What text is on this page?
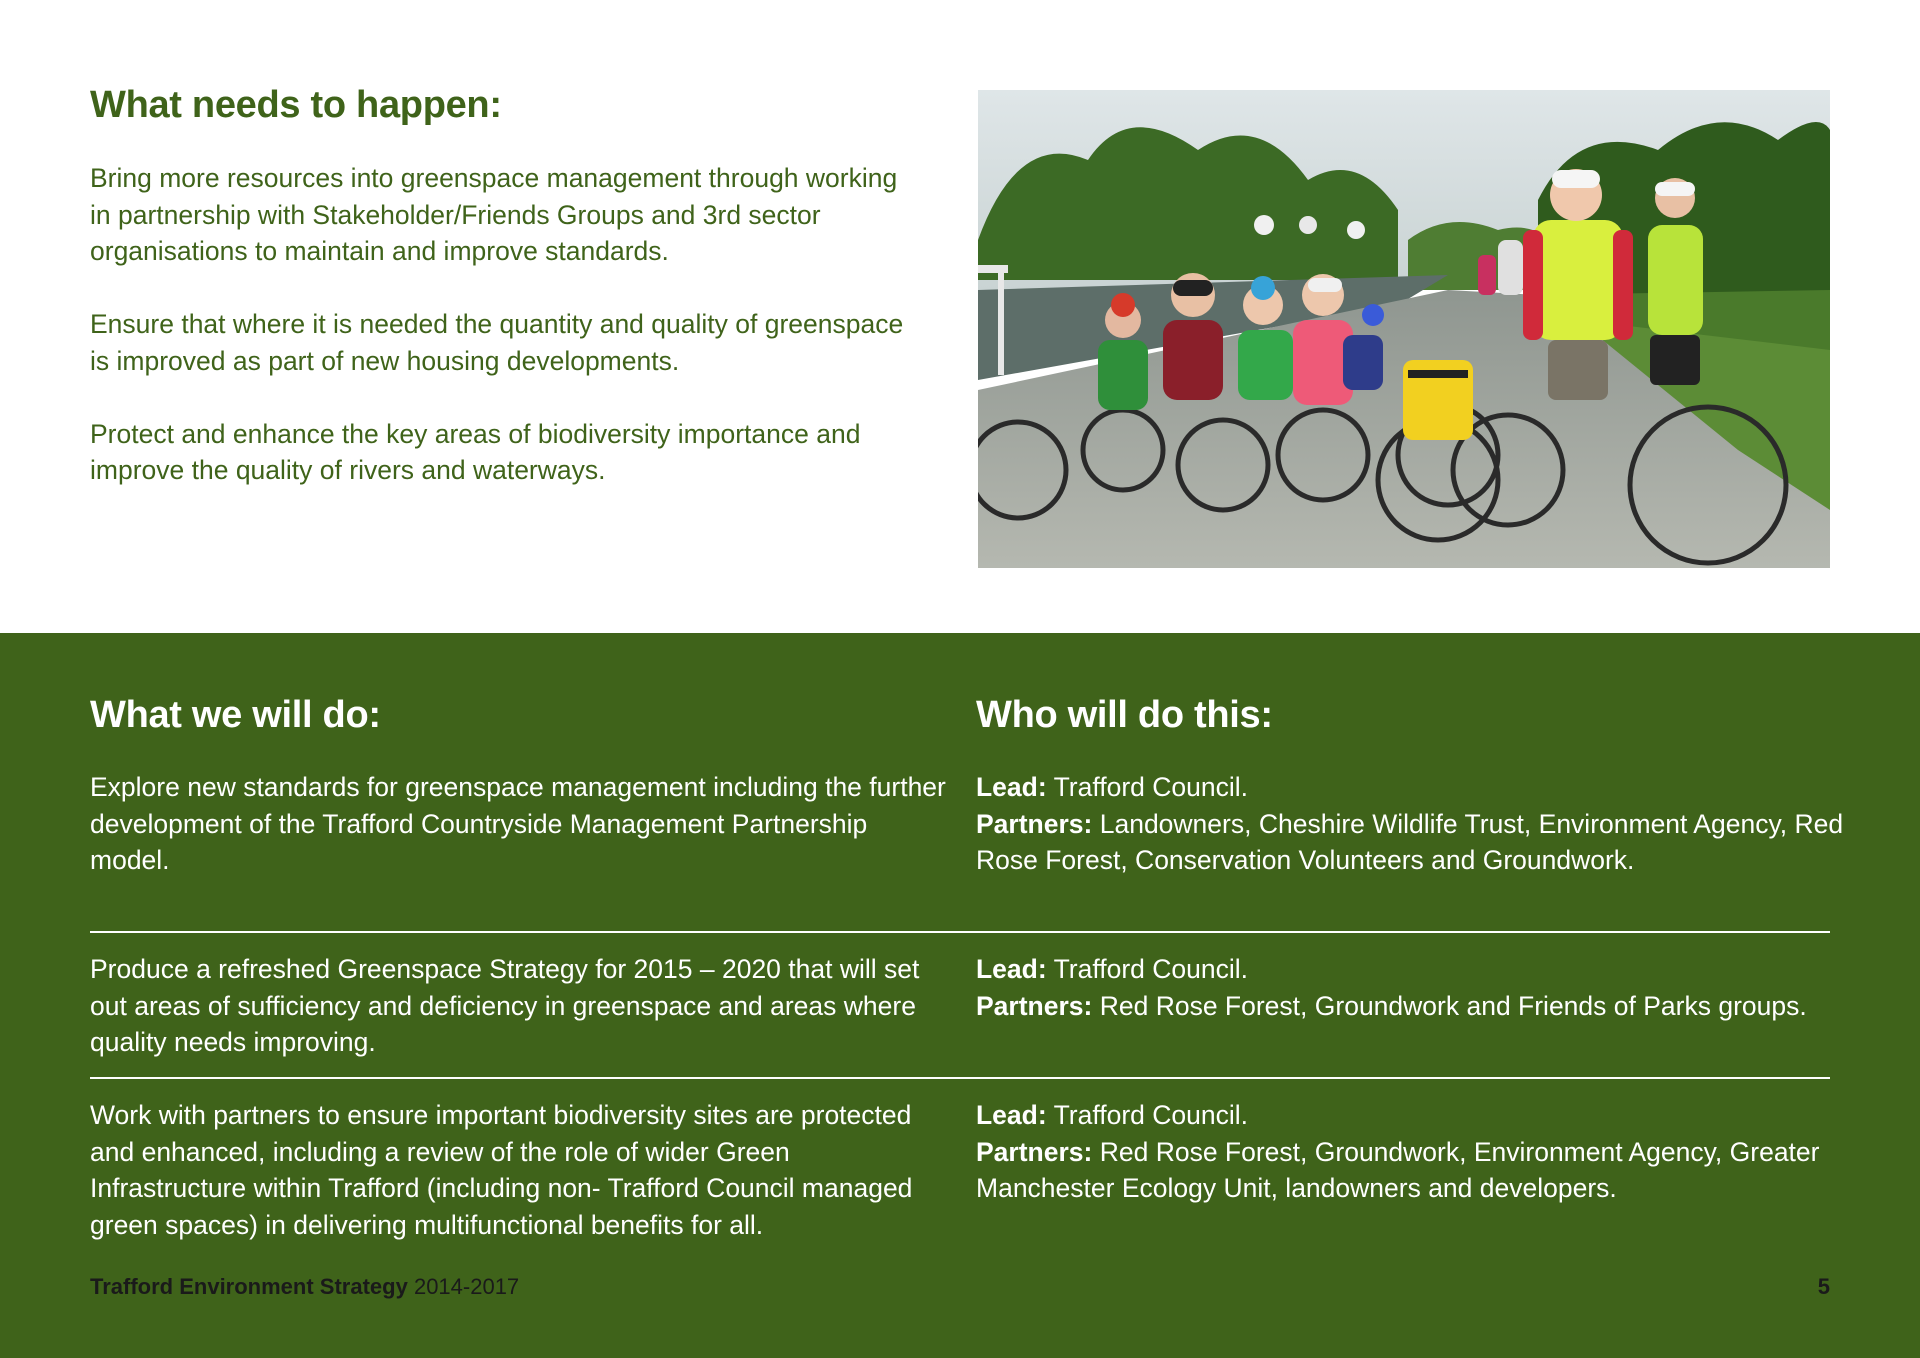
What needs to happen:

Bring more resources into greenspace management through working in partnership with Stakeholder/Friends Groups and 3rd sector organisations to maintain and improve standards.

Ensure that where it is needed the quantity and quality of greenspace is improved as part of new housing developments.

Protect and enhance the key areas of biodiversity importance and improve the quality of rivers and waterways.

What we will do:	Who will do this:

Explore new standards for greenspace management including the further development of the Trafford Countryside Management Partnership model.

Lead: Trafford Council.
Partners: Landowners, Cheshire Wildlife Trust, Environment Agency, Red Rose Forest, Conservation Volunteers and Groundwork.

Produce a refreshed Greenspace Strategy for 2015 – 2020 that will set out areas of sufficiency and deficiency in greenspace and areas where quality needs improving.

Lead: Trafford Council.
Partners: Red Rose Forest, Groundwork and Friends of Parks groups.

Work with partners to ensure important biodiversity sites are protected and enhanced, including a review of the role of wider Green Infrastructure within Trafford (including non- Trafford Council managed green spaces) in delivering multifunctional benefits for all.

Lead: Trafford Council.
Partners: Red Rose Forest, Groundwork, Environment Agency, Greater Manchester Ecology Unit, landowners and developers.

Trafford Environment Strategy 2014-2017	5
